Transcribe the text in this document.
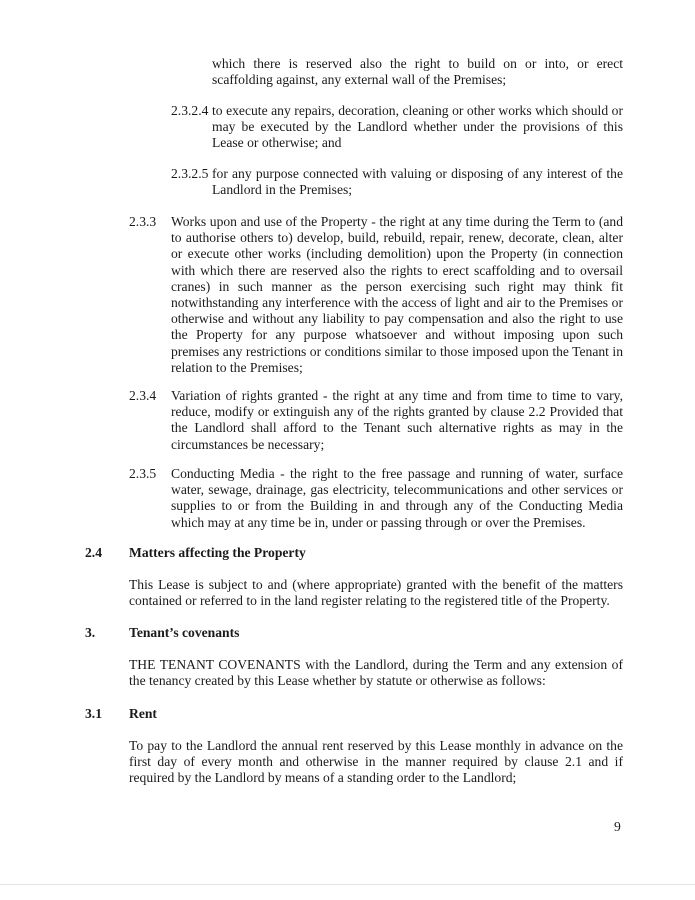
which there is reserved also the right to build on or into, or erect scaffolding against, any external wall of the Premises;
2.3.2.4 to execute any repairs, decoration, cleaning or other works which should or may be executed by the Landlord whether under the provisions of this Lease or otherwise; and
2.3.2.5 for any purpose connected with valuing or disposing of any interest of the Landlord in the Premises;
2.3.3 Works upon and use of the Property - the right at any time during the Term to (and to authorise others to) develop, build, rebuild, repair, renew, decorate, clean, alter or execute other works (including demolition) upon the Property (in connection with which there are reserved also the rights to erect scaffolding and to oversail cranes) in such manner as the person exercising such right may think fit notwithstanding any interference with the access of light and air to the Premises or otherwise and without any liability to pay compensation and also the right to use the Property for any purpose whatsoever and without imposing upon such premises any restrictions or conditions similar to those imposed upon the Tenant in relation to the Premises;
2.3.4 Variation of rights granted - the right at any time and from time to time to vary, reduce, modify or extinguish any of the rights granted by clause 2.2 Provided that the Landlord shall afford to the Tenant such alternative rights as may in the circumstances be necessary;
2.3.5 Conducting Media - the right to the free passage and running of water, surface water, sewage, drainage, gas electricity, telecommunications and other services or supplies to or from the Building in and through any of the Conducting Media which may at any time be in, under or passing through or over the Premises.
2.4 Matters affecting the Property
This Lease is subject to and (where appropriate) granted with the benefit of the matters contained or referred to in the land register relating to the registered title of the Property.
3. Tenant’s covenants
THE TENANT COVENANTS with the Landlord, during the Term and any extension of the tenancy created by this Lease whether by statute or otherwise as follows:
3.1 Rent
To pay to the Landlord the annual rent reserved by this Lease monthly in advance on the first day of every month and otherwise in the manner required by clause 2.1 and if required by the Landlord by means of a standing order to the Landlord;
9
